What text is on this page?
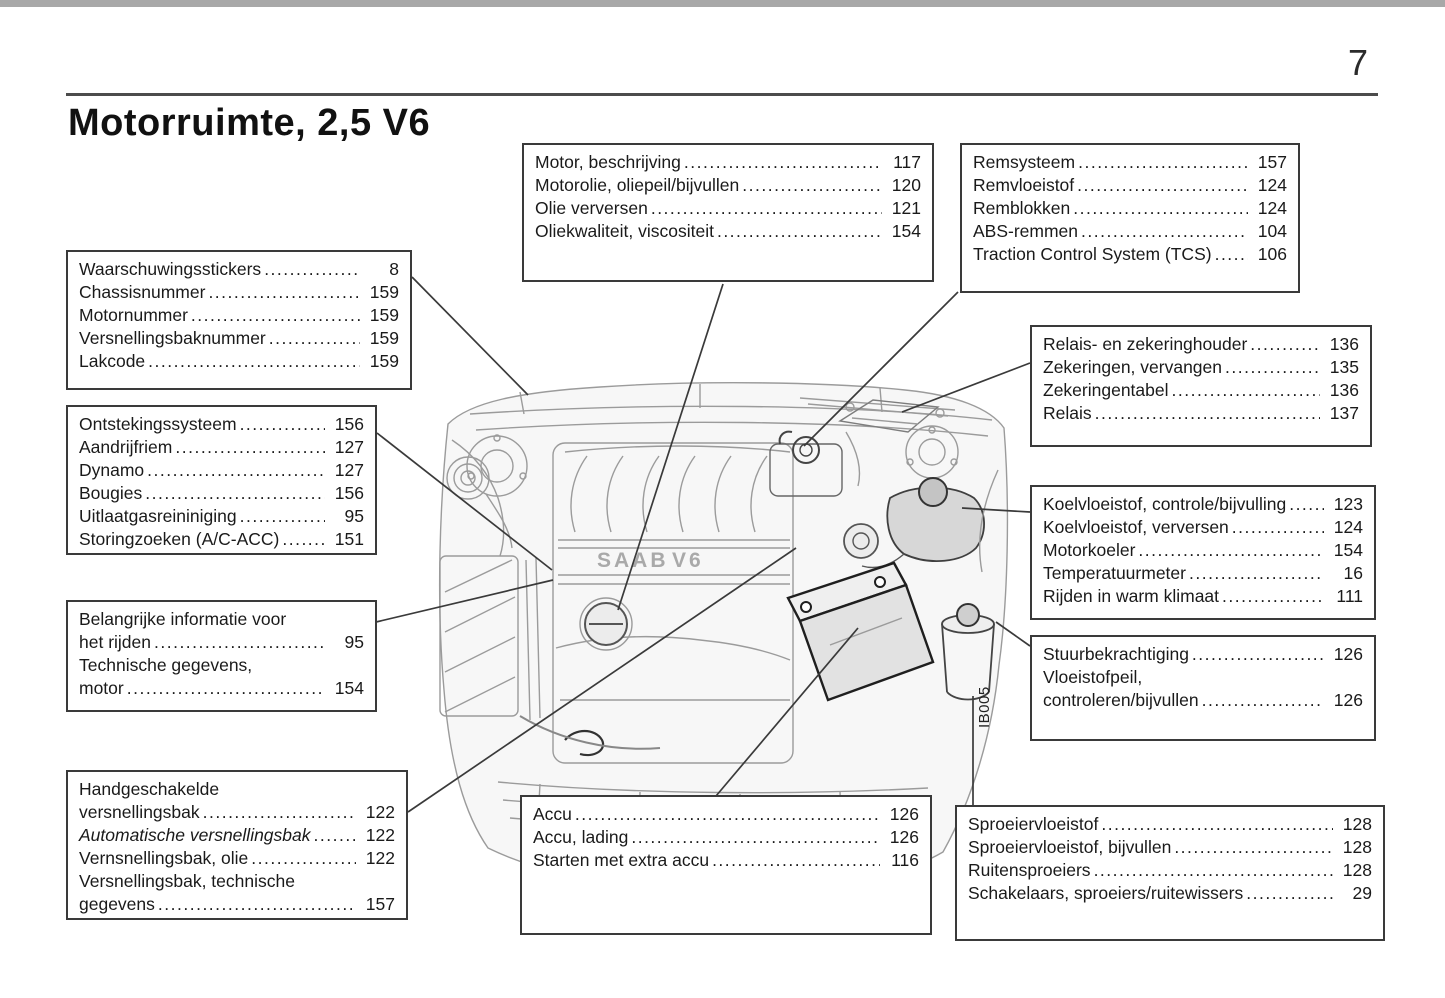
7
Motorruimte, 2,5 V6
SAAB V6
IB005
Motor, beschrijving .....	117
Motorolie, oliepeil/bijvullen .....	120
Olie verversen .....	121
Oliekwaliteit, viscositeit .....	154
Remsysteem .....	157
Remvloeistof .....	124
Remblokken .....	124
ABS-remmen .....	104
Traction Control System (TCS) .....	106
Waarschuwingsstickers .....	8
Chassisnummer .....	159
Motornummer .....	159
Versnellingsbaknummer .....	159
Lakcode .....	159
Ontstekingssysteem .....	156
Aandrijfriem .....	127
Dynamo .....	127
Bougies .....	156
Uitlaatgasreininiging .....	95
Storingzoeken (A/C-ACC) .....	151
Belangrijke informatie voor
het rijden .....	95
Technische gegevens,
motor .....	154
Handgeschakelde
versnellingsbak .....	122
Automatische versnellingsbak .....	122
Vernsnellingsbak, olie .....	122
Versnellingsbak, technische
gegevens .....	157
Relais- en zekeringhouder .....	136
Zekeringen, vervangen .....	135
Zekeringentabel .....	136
Relais .....	137
Koelvloeistof, controle/bijvulling .....	123
Koelvloeistof, verversen .....	124
Motorkoeler .....	154
Temperatuurmeter .....	16
Rijden in warm klimaat .....	111
Stuurbekrachtiging .....	126
Vloeistofpeil,
controleren/bijvullen .....	126
Accu .....	126
Accu, lading .....	126
Starten met extra accu .....	116
Sproeiervloeistof .....	128
Sproeiervloeistof, bijvullen .....	128
Ruitensproeiers .....	128
Schakelaars, sproeiers/ruitewissers .....	29
